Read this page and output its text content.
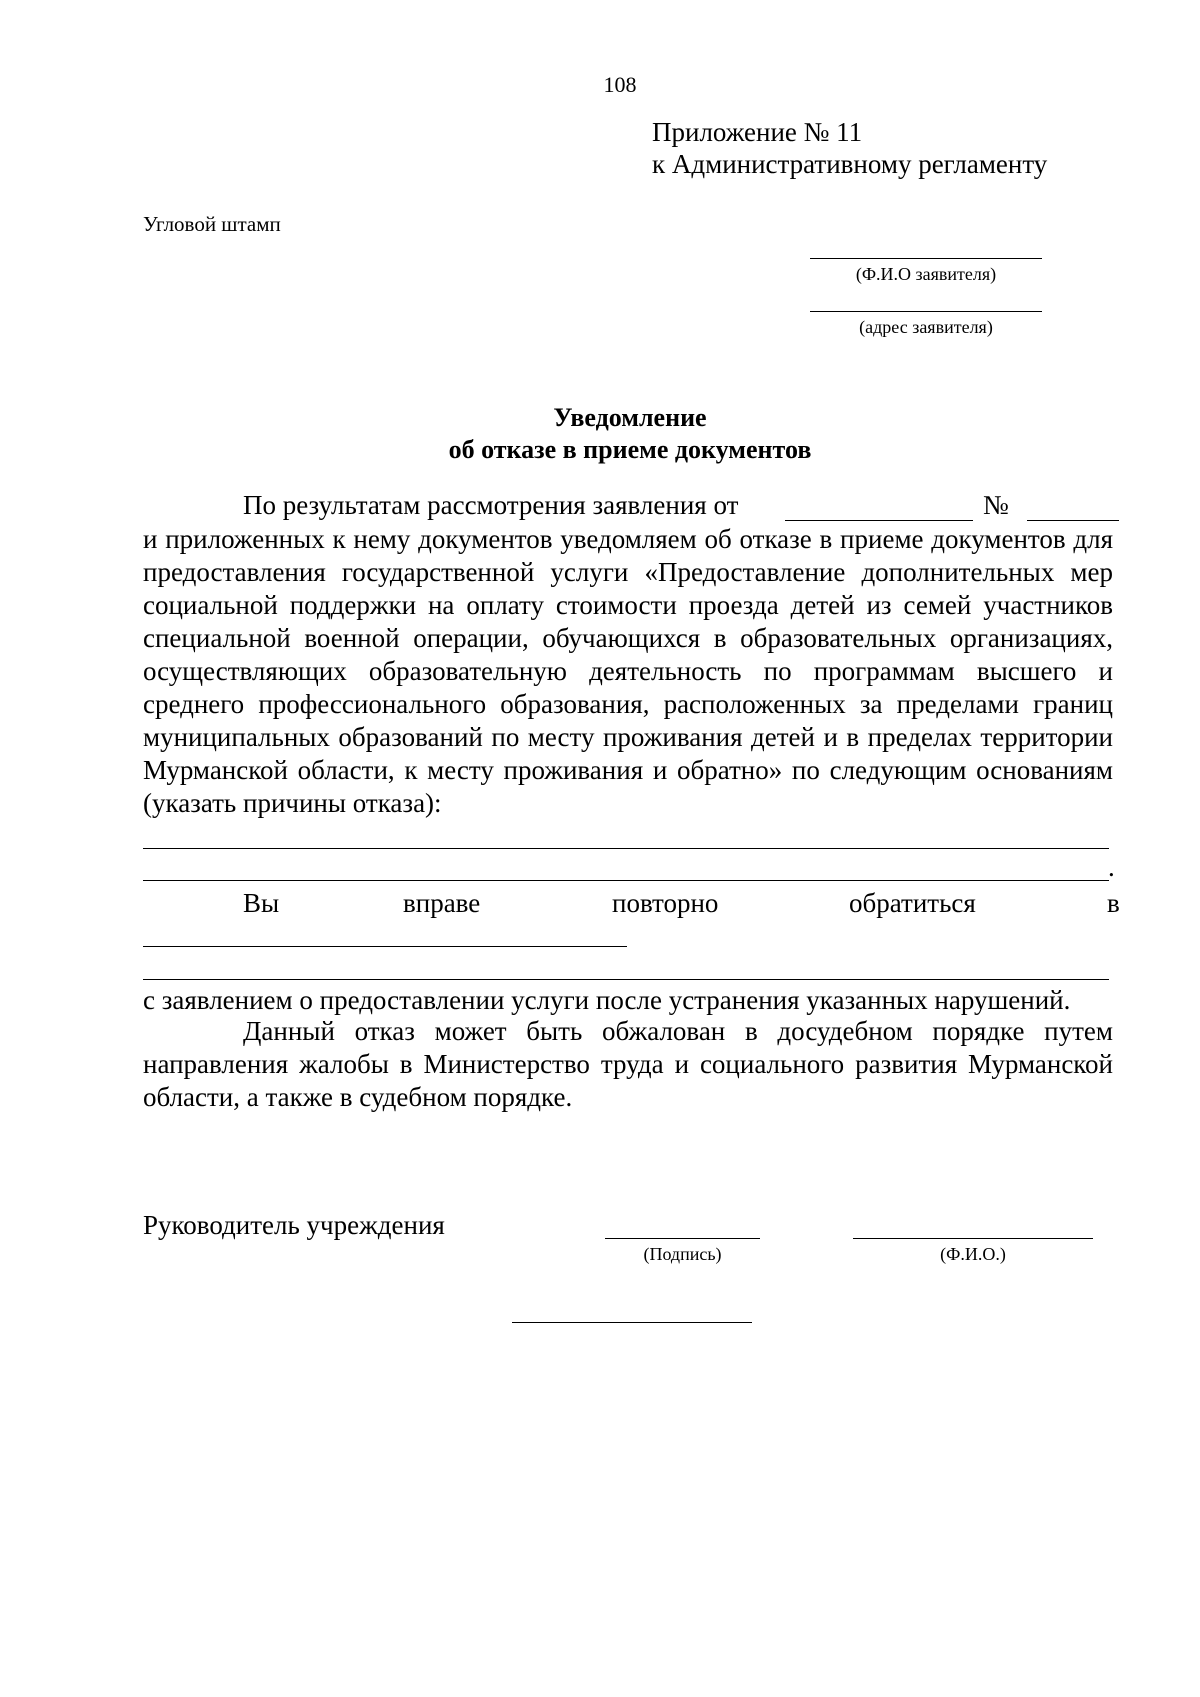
108
Приложение № 11
к Административному регламенту
Угловой штамп
(Ф.И.О заявителя)
(адрес заявителя)
Уведомление
об отказе в приеме документов
По результатам рассмотрения заявления от	№
и приложенных к нему документов уведомляем об отказе в приеме документов для предоставления государственной услуги «Предоставление дополнительных мер социальной поддержки на оплату стоимости проезда детей из семей участников специальной военной операции, обучающихся в образовательных организациях, осуществляющих образовательную деятельность по программам высшего и среднего профессионального образования, расположенных за пределами границ муниципальных образований по месту проживания детей и в пределах территории Мурманской области, к месту проживания и обратно» по следующим основаниям (указать причины отказа):
.
Вы	вправе	повторно	обратиться	в
с заявлением о предоставлении услуги после устранения указанных нарушений.
Данный отказ может быть обжалован в досудебном порядке путем направления жалобы в Министерство труда и социального развития Мурманской области, а также в судебном порядке.
Руководитель учреждения
(Подпись)	(Ф.И.О.)
